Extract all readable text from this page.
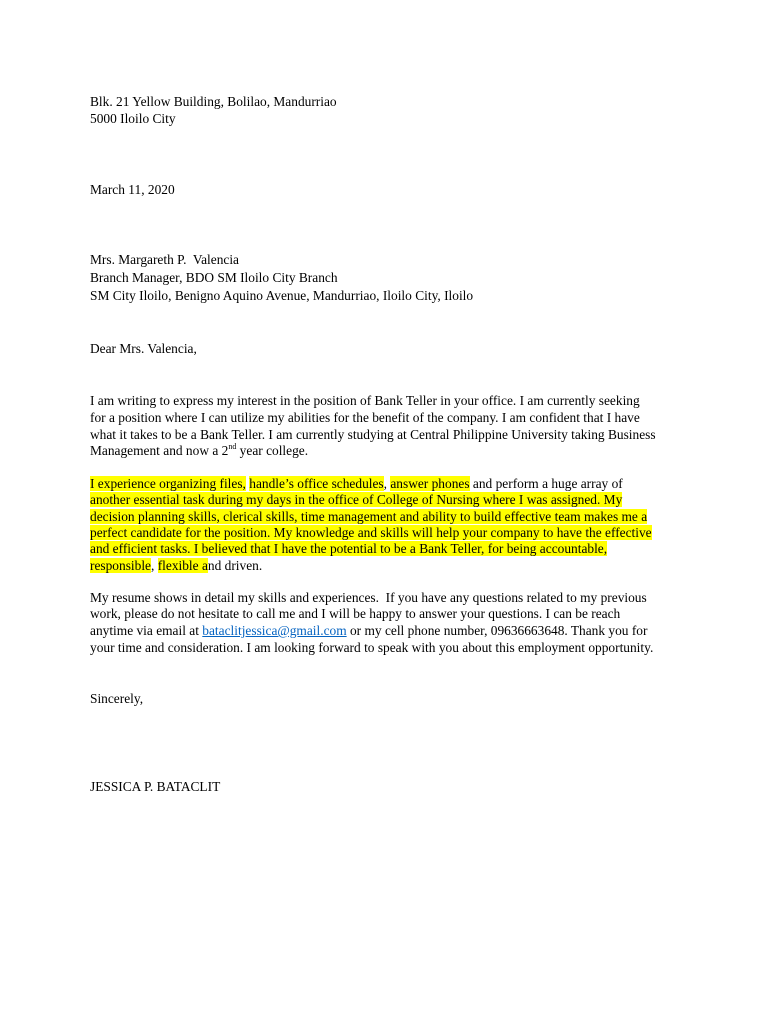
Blk. 21 Yellow Building, Bolilao, Mandurriao
5000 Iloilo City
March 11, 2020
Mrs. Margareth P.  Valencia
Branch Manager, BDO SM Iloilo City Branch
SM City Iloilo, Benigno Aquino Avenue, Mandurriao, Iloilo City, Iloilo
Dear Mrs. Valencia,
I am writing to express my interest in the position of Bank Teller in your office. I am currently seeking
for a position where I can utilize my abilities for the benefit of the company. I am confident that I have
what it takes to be a Bank Teller. I am currently studying at Central Philippine University taking Business
Management and now a 2nd year college.
I experience organizing files, handle’s office schedules, answer phones and perform a huge array of
another essential task during my days in the office of College of Nursing where I was assigned. My
decision planning skills, clerical skills, time management and ability to build effective team makes me a
perfect candidate for the position. My knowledge and skills will help your company to have the effective
and efficient tasks. I believed that I have the potential to be a Bank Teller, for being accountable,
responsible, flexible and driven.
My resume shows in detail my skills and experiences.  If you have any questions related to my previous
work, please do not hesitate to call me and I will be happy to answer your questions. I can be reach
anytime via email at bataclitjessica@gmail.com or my cell phone number, 09636663648. Thank you for
your time and consideration. I am looking forward to speak with you about this employment opportunity.
Sincerely,
JESSICA P. BATACLIT
